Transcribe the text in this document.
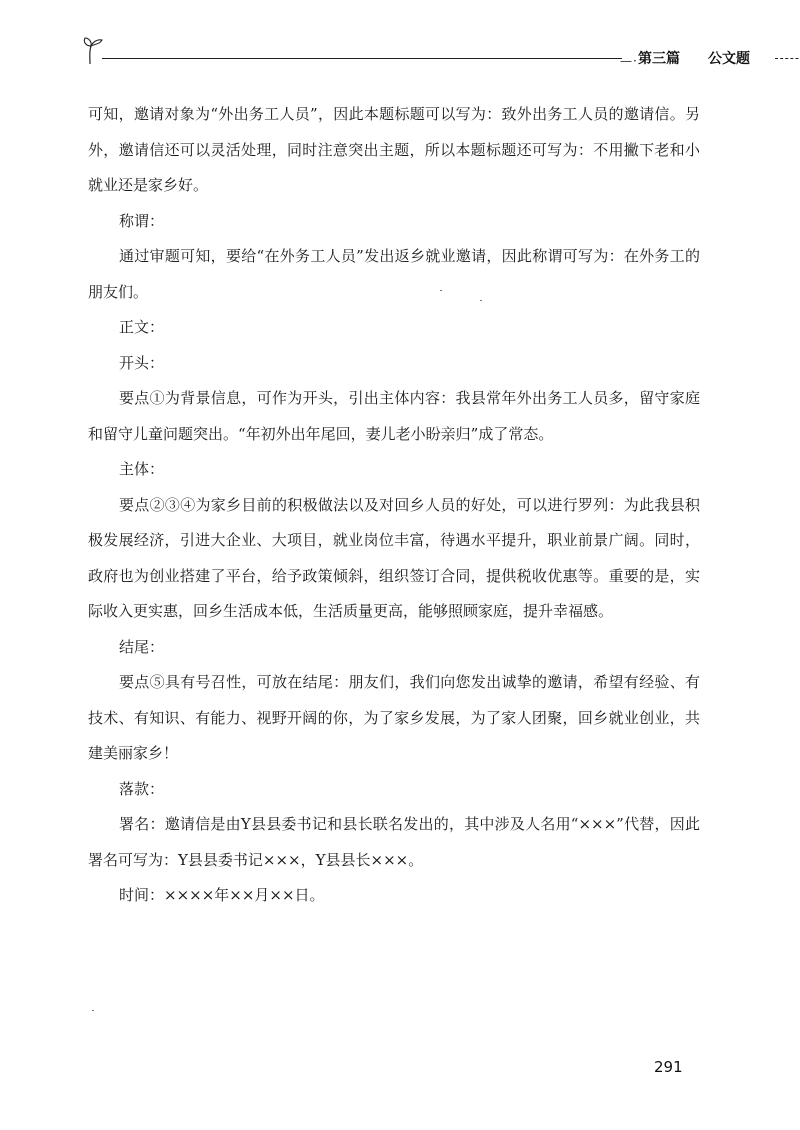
—· 第三篇 公文题

可知，邀请对象为“外出务工人员”，因此本题标题可以写为：致外出务工人员的邀请信。另外，邀请信还可以灵活处理，同时注意突出主题，所以本题标题还可写为：不用撇下老和小 就业还是家乡好。

称谓：

通过审题可知，要给“在外务工人员”发出返乡就业邀请，因此称谓可写为：在外务工的朋友们。

正文：

开头：

要点①为背景信息，可作为开头，引出主体内容：我县常年外出务工人员多，留守家庭和留守儿童问题突出。“年初外出年尾回，妻儿老小盼亲归”成了常态。

主体：

要点②③④为家乡目前的积极做法以及对回乡人员的好处，可以进行罗列：为此我县积极发展经济，引进大企业、大项目，就业岗位丰富，待遇水平提升，职业前景广阔。同时，政府也为创业搭建了平台，给予政策倾斜，组织签订合同，提供税收优惠等。重要的是，实际收入更实惠，回乡生活成本低，生活质量更高，能够照顾家庭，提升幸福感。

结尾：

要点⑤具有号召性，可放在结尾：朋友们，我们向您发出诚挚的邀请，希望有经验、有技术、有知识、有能力、视野开阔的你，为了家乡发展，为了家人团聚，回乡就业创业，共建美丽家乡！

落款：

署名：邀请信是由Y县县委书记和县长联名发出的，其中涉及人名用“×××”代替，因此署名可写为：Y县县委书记×××，Y县县长×××。

时间：××××年××月××日。

291
